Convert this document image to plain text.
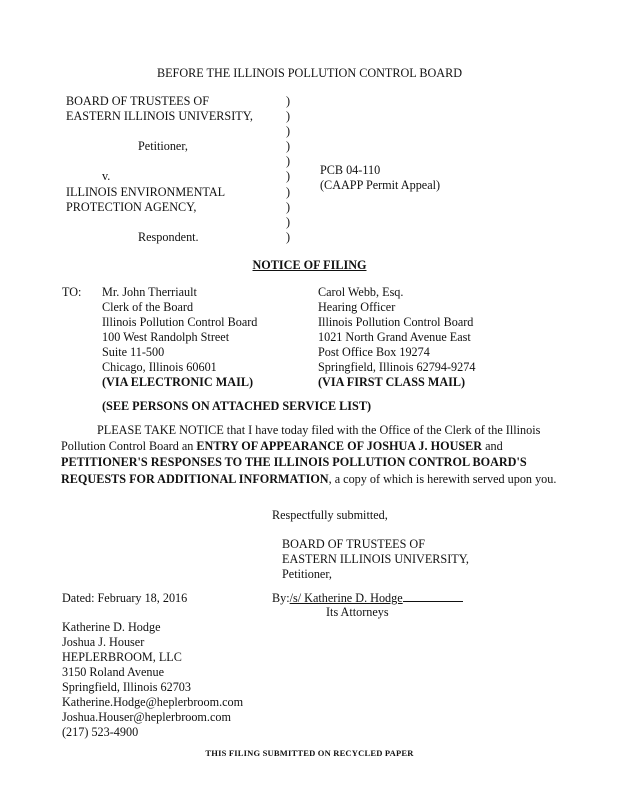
BEFORE THE ILLINOIS POLLUTION CONTROL BOARD
BOARD OF TRUSTEES OF
EASTERN ILLINOIS UNIVERSITY,
Petitioner,
v.
ILLINOIS ENVIRONMENTAL
PROTECTION AGENCY,
Respondent.
)
)
)
)
)
)
)
)
)
)
PCB 04-110
(CAAPP Permit Appeal)
NOTICE OF FILING
TO: Mr. John Therriault
Clerk of the Board
Illinois Pollution Control Board
100 West Randolph Street
Suite 11-500
Chicago, Illinois 60601
(VIA ELECTRONIC MAIL)
Carol Webb, Esq.
Hearing Officer
Illinois Pollution Control Board
1021 North Grand Avenue East
Post Office Box 19274
Springfield, Illinois 62794-9274
(VIA FIRST CLASS MAIL)
(SEE PERSONS ON ATTACHED SERVICE LIST)
PLEASE TAKE NOTICE that I have today filed with the Office of the Clerk of the Illinois Pollution Control Board an ENTRY OF APPEARANCE OF JOSHUA J. HOUSER and PETITIONER'S RESPONSES TO THE ILLINOIS POLLUTION CONTROL BOARD'S REQUESTS FOR ADDITIONAL INFORMATION, a copy of which is herewith served upon you.
Respectfully submitted,
BOARD OF TRUSTEES OF
EASTERN ILLINOIS UNIVERSITY,
Petitioner,
Dated: February 18, 2016	By:/s/ Katherine D. Hodge
Its Attorneys
Katherine D. Hodge
Joshua J. Houser
HEPLERBROOM, LLC
3150 Roland Avenue
Springfield, Illinois 62703
Katherine.Hodge@heplerbroom.com
Joshua.Houser@heplerbroom.com
(217) 523-4900
THIS FILING SUBMITTED ON RECYCLED PAPER
